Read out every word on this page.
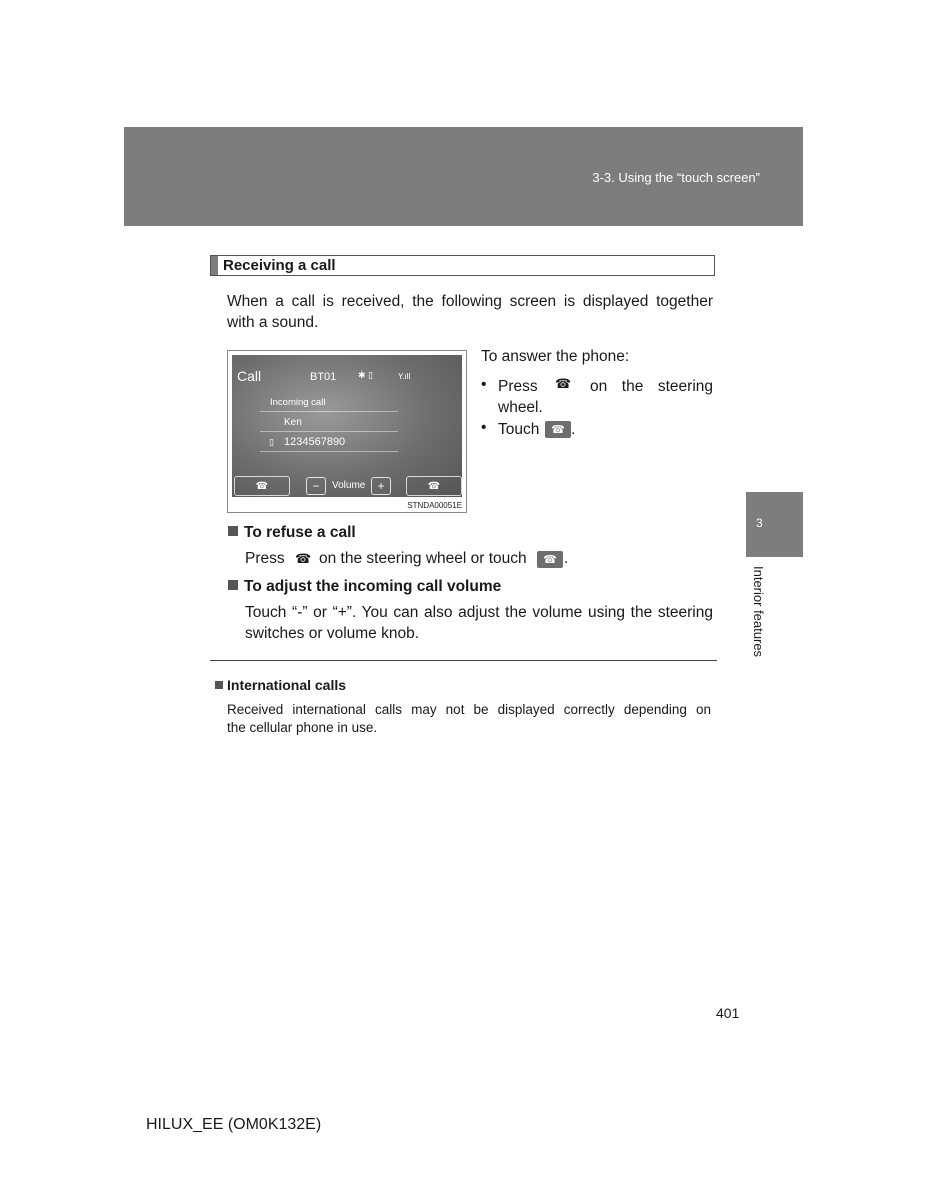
3-3. Using the “touch screen”
Receiving a call
When a call is received, the following screen is displayed together
with a sound.
Call	BT01 ✱ ▯	Y.ıll
Incoming call
Ken
▯ 1234567890
☎	−	Volume	+	☎
STNDA00051E
To answer the phone:
• Press ☎ on the steering
wheel.
• Touch	☎ .
To refuse a call
Press ☎ on the steering wheel or touch	☎ .
To adjust the incoming call volume
Touch “-” or “+”. You can also adjust the volume using the steering
switches or volume knob.
International calls
Received international calls may not be displayed correctly depending on
the cellular phone in use.
3
Interior features
401
HILUX_EE (OM0K132E)
